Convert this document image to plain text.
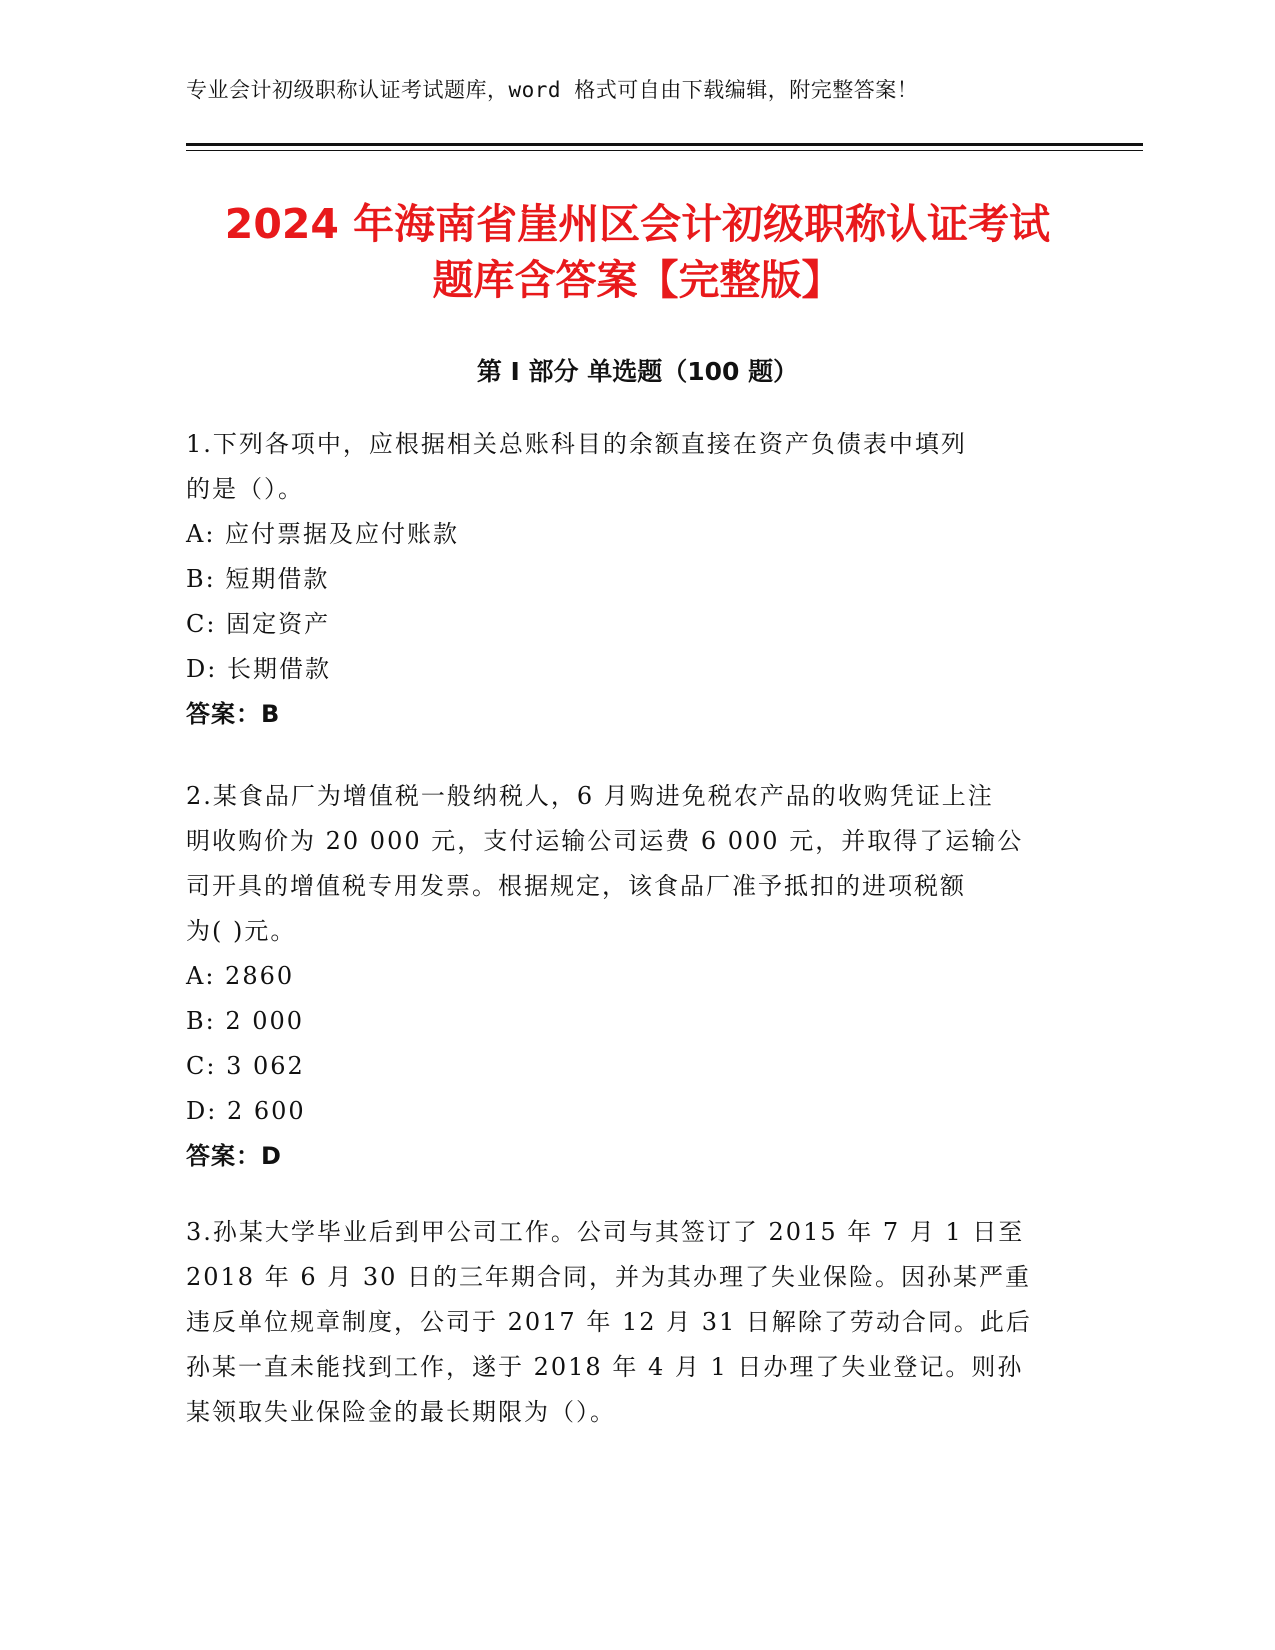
专业会计初级职称认证考试题库，word 格式可自由下载编辑，附完整答案！
2024 年海南省崖州区会计初级职称认证考试
题库含答案【完整版】
第 I 部分 单选题（100 题）
1.下列各项中，应根据相关总账科目的余额直接在资产负债表中填列
的是（）。
A: 应付票据及应付账款
B: 短期借款
C: 固定资产
D: 长期借款
答案：B
2.某食品厂为增值税一般纳税人，6 月购进免税农产品的收购凭证上注
明收购价为 20 000 元，支付运输公司运费 6 000 元，并取得了运输公
司开具的增值税专用发票。根据规定，该食品厂准予抵扣的进项税额
为( )元。
A: 2860
B: 2 000
C: 3 062
D: 2 600
答案：D
3.孙某大学毕业后到甲公司工作。公司与其签订了 2015 年 7 月 1 日至
2018 年 6 月 30 日的三年期合同，并为其办理了失业保险。因孙某严重
违反单位规章制度，公司于 2017 年 12 月 31 日解除了劳动合同。此后
孙某一直未能找到工作，遂于 2018 年 4 月 1 日办理了失业登记。则孙
某领取失业保险金的最长期限为（）。
